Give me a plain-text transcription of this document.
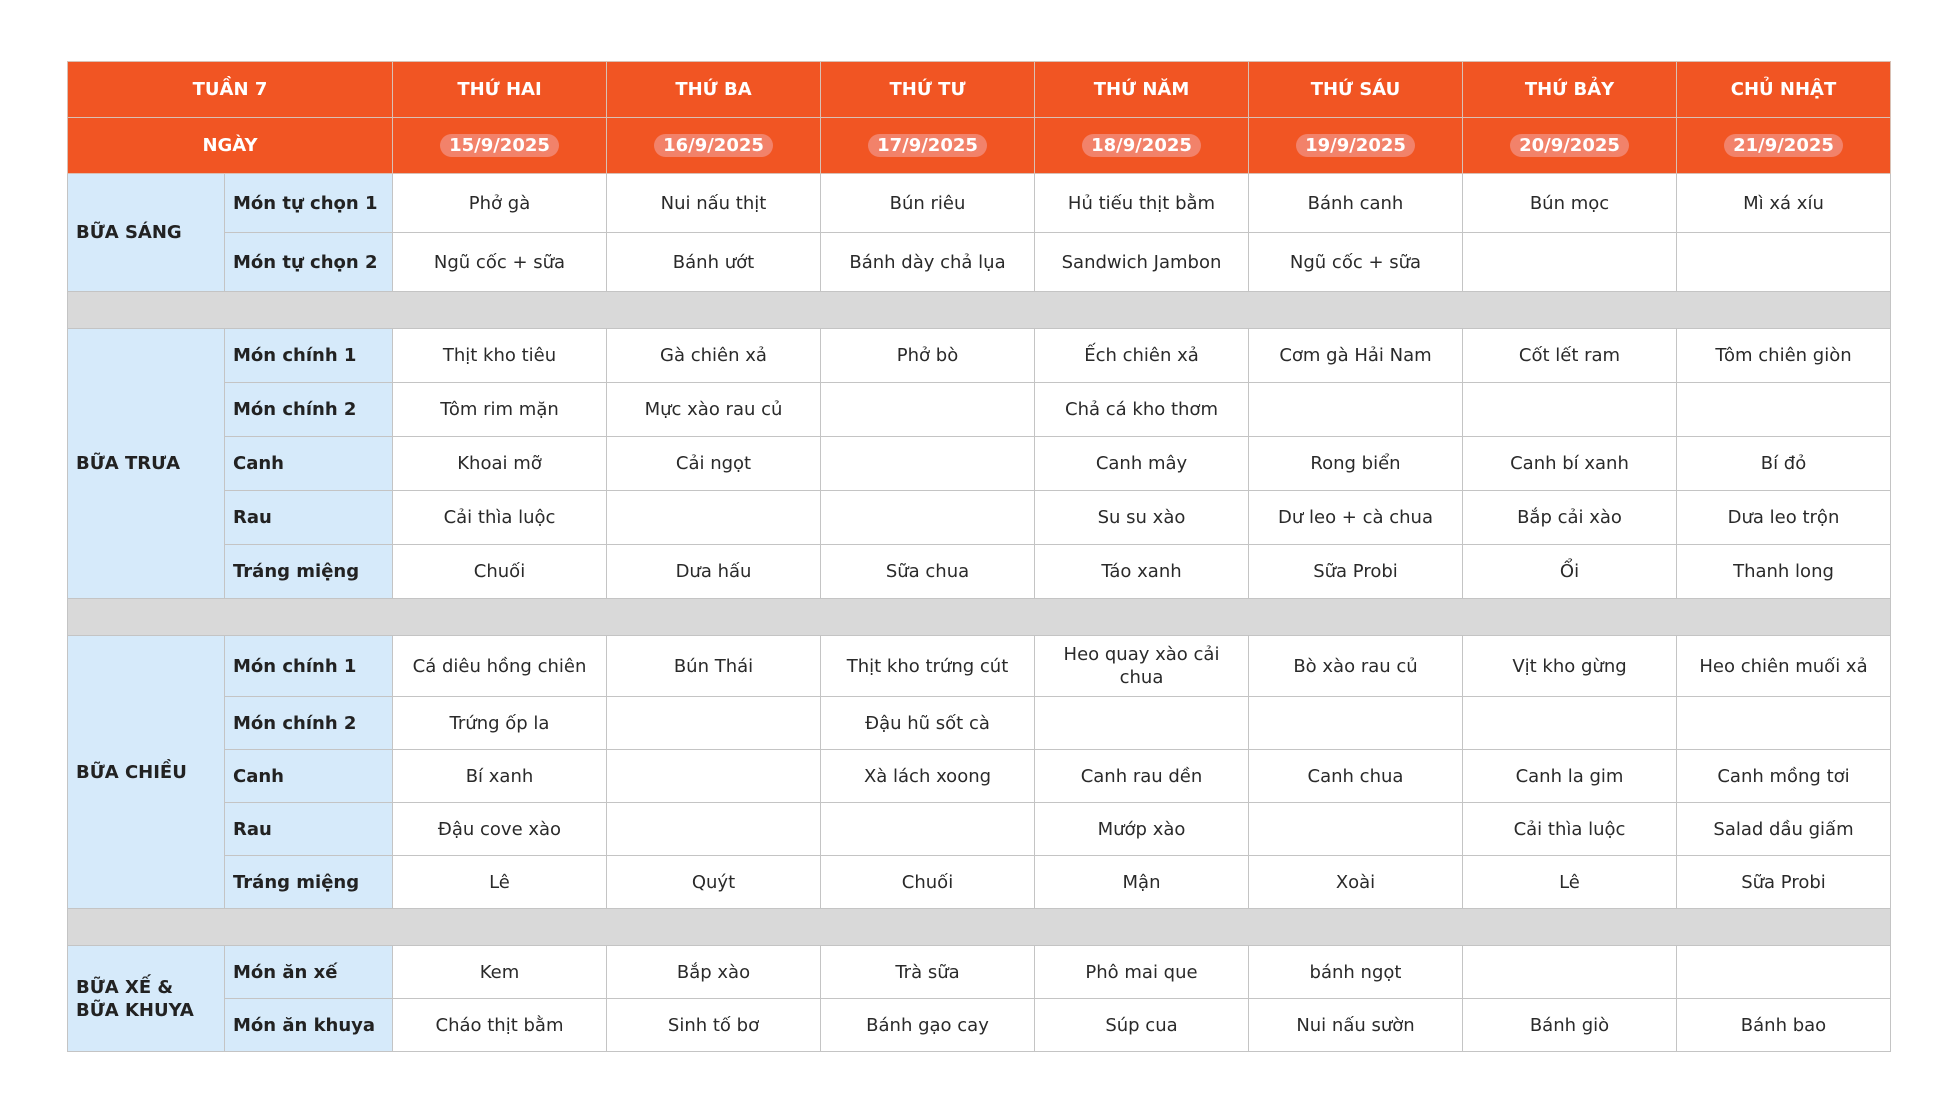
TUẦN 7		THỨ HAI	THỨ BA	THỨ TƯ	THỨ NĂM	THỨ SÁU	THỨ BẢY	CHỦ NHẬT
NGÀY		15/9/2025	16/9/2025	17/9/2025	18/9/2025	19/9/2025	20/9/2025	21/9/2025

BỮA SÁNG	Món tự chọn 1	Phở gà	Nui nấu thịt	Bún riêu	Hủ tiếu thịt bằm	Bánh canh	Bún mọc	Mì xá xíu
	Món tự chọn 2	Ngũ cốc + sữa	Bánh ướt	Bánh dày chả lụa	Sandwich Jambon	Ngũ cốc + sữa		

BỮA TRƯA	Món chính 1	Thịt kho tiêu	Gà chiên xả	Phở bò	Ếch chiên xả	Cơm gà Hải Nam	Cốt lết ram	Tôm chiên giòn
	Món chính 2	Tôm rim mặn	Mực xào rau củ		Chả cá kho thơm			
	Canh	Khoai mỡ	Cải ngọt		Canh mây	Rong biển	Canh bí xanh	Bí đỏ
	Rau	Cải thìa luộc			Su su xào	Dư leo + cà chua	Bắp cải xào	Dưa leo trộn
	Tráng miệng	Chuối	Dưa hấu	Sữa chua	Táo xanh	Sữa Probi	Ổi	Thanh long

BỮA CHIỀU	Món chính 1	Cá diêu hồng chiên	Bún Thái	Thịt kho trứng cút	Heo quay xào cải chua	Bò xào rau củ	Vịt kho gừng	Heo chiên muối xả
	Món chính 2	Trứng ốp la		Đậu hũ sốt cà				
	Canh	Bí xanh		Xà lách xoong	Canh rau dền	Canh chua	Canh la gim	Canh mồng tơi
	Rau	Đậu cove xào			Mướp xào		Cải thìa luộc	Salad dầu giấm
	Tráng miệng	Lê	Quýt	Chuối	Mận	Xoài	Lê	Sữa Probi

BỮA XẾ &
BỮA KHUYA	Món ăn xế	Kem	Bắp xào	Trà sữa	Phô mai que	bánh ngọt		
	Món ăn khuya	Cháo thịt bằm	Sinh tố bơ	Bánh gạo cay	Súp cua	Nui nấu sườn	Bánh giò	Bánh bao
